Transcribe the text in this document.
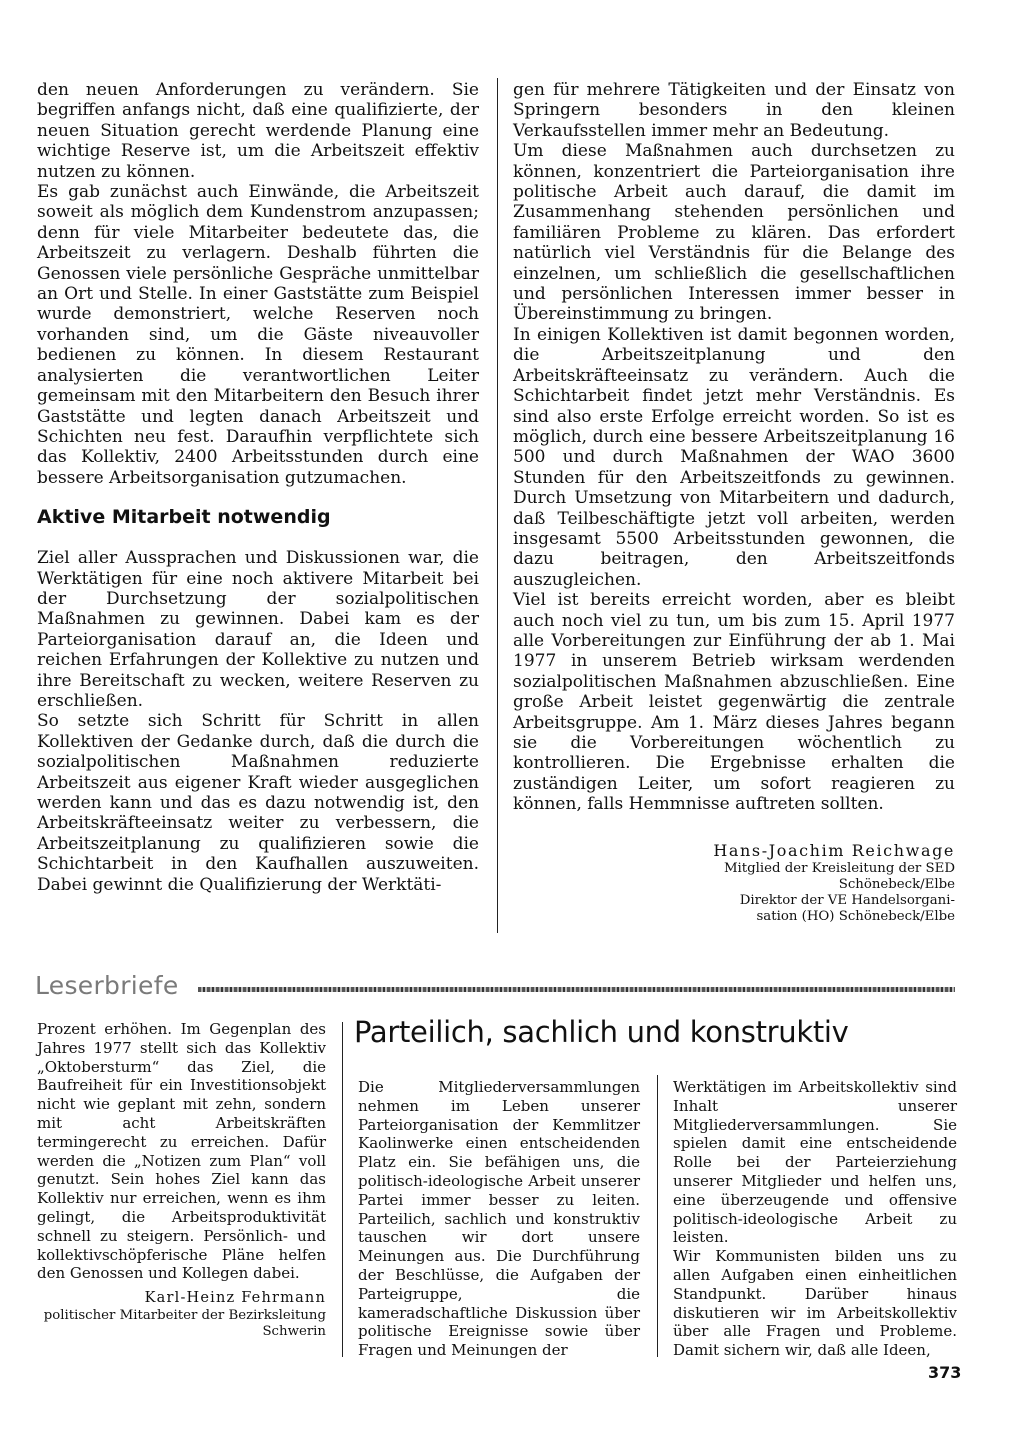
den neuen Anforderungen zu verändern. Sie begriffen anfangs nicht, daß eine qualifizierte, der neuen Situation gerecht werdende Planung eine wichtige Reserve ist, um die Arbeitszeit effektiv nutzen zu können.

Es gab zunächst auch Einwände, die Arbeitszeit soweit als möglich dem Kundenstrom anzupassen; denn für viele Mitarbeiter bedeutete das, die Arbeitszeit zu verlagern. Deshalb führten die Genossen viele persönliche Gespräche unmittelbar an Ort und Stelle. In einer Gaststätte zum Beispiel wurde demonstriert, welche Reserven noch vorhanden sind, um die Gäste niveauvoller bedienen zu können. In diesem Restaurant analysierten die verantwortlichen Leiter gemeinsam mit den Mitarbeitern den Besuch ihrer Gaststätte und legten danach Arbeitszeit und Schichten neu fest. Daraufhin verpflichtete sich das Kollektiv, 2400 Arbeitsstunden durch eine bessere Arbeitsorganisation gutzumachen.

Aktive Mitarbeit notwendig

Ziel aller Aussprachen und Diskussionen war, die Werktätigen für eine noch aktivere Mitarbeit bei der Durchsetzung der sozialpolitischen Maßnahmen zu gewinnen. Dabei kam es der Parteiorganisation darauf an, die Ideen und reichen Erfahrungen der Kollektive zu nutzen und ihre Bereitschaft zu wecken, weitere Reserven zu erschließen.

So setzte sich Schritt für Schritt in allen Kollektiven der Gedanke durch, daß die durch die sozialpolitischen Maßnahmen reduzierte Arbeitszeit aus eigener Kraft wieder ausgeglichen werden kann und das es dazu notwendig ist, den Arbeitskräfteeinsatz weiter zu verbessern, die Arbeitszeitplanung zu qualifizieren sowie die Schichtarbeit in den Kaufhallen auszuweiten. Dabei gewinnt die Qualifizierung der Werktäti-

gen für mehrere Tätigkeiten und der Einsatz von Springern besonders in den kleinen Verkaufsstellen immer mehr an Bedeutung.

Um diese Maßnahmen auch durchsetzen zu können, konzentriert die Parteiorganisation ihre politische Arbeit auch darauf, die damit im Zusammenhang stehenden persönlichen und familiären Probleme zu klären. Das erfordert natürlich viel Verständnis für die Belange des einzelnen, um schließlich die gesellschaftlichen und persönlichen Interessen immer besser in Übereinstimmung zu bringen.

In einigen Kollektiven ist damit begonnen worden, die Arbeitszeitplanung und den Arbeitskräfteeinsatz zu verändern. Auch die Schichtarbeit findet jetzt mehr Verständnis. Es sind also erste Erfolge erreicht worden. So ist es möglich, durch eine bessere Arbeitszeitplanung 16 500 und durch Maßnahmen der WAO 3600 Stunden für den Arbeitszeitfonds zu gewinnen. Durch Umsetzung von Mitarbeitern und dadurch, daß Teilbeschäftigte jetzt voll arbeiten, werden insgesamt 5500 Arbeitsstunden gewonnen, die dazu beitragen, den Arbeitszeitfonds auszugleichen.

Viel ist bereits erreicht worden, aber es bleibt auch noch viel zu tun, um bis zum 15. April 1977 alle Vorbereitungen zur Einführung der ab 1. Mai 1977 in unserem Betrieb wirksam werdenden sozialpolitischen Maßnahmen abzuschließen. Eine große Arbeit leistet gegenwärtig die zentrale Arbeitsgruppe. Am 1. März dieses Jahres begann sie die Vorbereitungen wöchentlich zu kontrollieren. Die Ergebnisse erhalten die zuständigen Leiter, um sofort reagieren zu können, falls Hemmnisse auftreten sollten.

Hans-Joachim Reichwage
Mitglied der Kreisleitung der SED
Schönebeck/Elbe
Direktor der VE Handelsorgani-
sation (HO) Schönebeck/Elbe
Leserbriefe

Prozent erhöhen. Im Gegenplan des Jahres 1977 stellt sich das Kollektiv „Oktobersturm“ das Ziel, die Baufreiheit für ein Investitionsobjekt nicht wie geplant mit zehn, sondern mit acht Arbeitskräften termingerecht zu erreichen. Dafür werden die „Notizen zum Plan“ voll genutzt. Sein hohes Ziel kann das Kollektiv nur erreichen, wenn es ihm gelingt, die Arbeitsproduktivität schnell zu steigern. Persönlich- und kollektivschöpferische Pläne helfen den Genossen und Kollegen dabei.

Karl-Heinz Fehrmann
politischer Mitarbeiter der Bezirksleitung
Schwerin
Parteilich, sachlich und konstruktiv

Die Mitgliederversammlungen nehmen im Leben unserer Parteiorganisation der Kemmlitzer Kaolinwerke einen entscheidenden Platz ein. Sie befähigen uns, die politisch-ideologische Arbeit unserer Partei immer besser zu leiten. Parteilich, sachlich und konstruktiv tauschen wir dort unsere Meinungen aus. Die Durchführung der Beschlüsse, die Aufgaben der Parteigruppe, die kameradschaftliche Diskussion über politische Ereignisse sowie über Fragen und Meinungen der

Werktätigen im Arbeitskollektiv sind Inhalt unserer Mitgliederversammlungen. Sie spielen damit eine entscheidende Rolle bei der Parteierziehung unserer Mitglieder und helfen uns, eine überzeugende und offensive politisch-ideologische Arbeit zu leisten.

Wir Kommunisten bilden uns zu allen Aufgaben einen einheitlichen Standpunkt. Darüber hinaus diskutieren wir im Arbeitskollektiv über alle Fragen und Probleme. Damit sichern wir, daß alle Ideen,

373
